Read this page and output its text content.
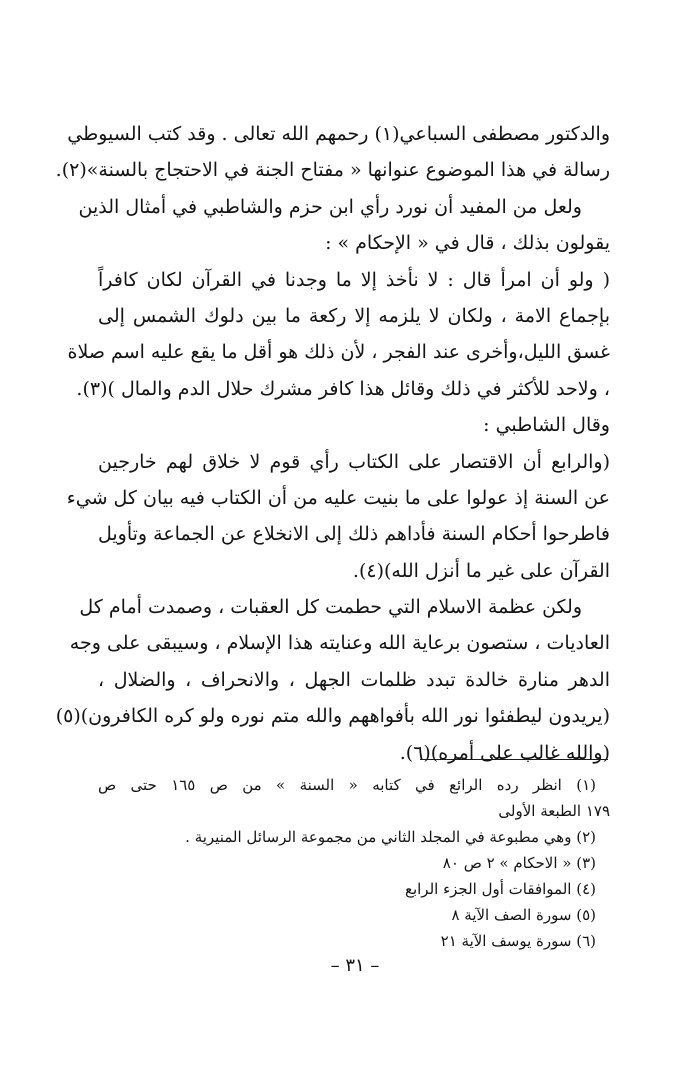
والدكتور مصطفى السباعي(١) رحمهم الله تعالى . وقد كتب السيوطي
رسالة في هذا الموضوع عنوانها « مفتاح الجنة في الاحتجاج بالسنة»(٢).
ولعل من المفيد أن نورد رأي ابن حزم والشاطبي في أمثال الذين
يقولون بذلك ، قال في « الإحكام » :
( ولو أن امرأ قال : لا نأخذ إلا ما وجدنا في القرآن لكان كافراً
بإجماع الامة ، ولكان لا يلزمه إلا ركعة ما بين دلوك الشمس إلى
غسق الليل،وأخرى عند الفجر ، لأن ذلك هو أقل ما يقع عليه اسم صلاة
، ولاحد للأكثر في ذلك وقائل هذا كافر مشرك حلال الدم والمال )(٣).
وقال الشاطبي :
(والرابع أن الاقتصار على الكتاب رأي قوم لا خلاق لهم خارجين
عن السنة إذ عولوا على ما بنيت عليه من أن الكتاب فيه بيان كل شيء
فاطرحوا أحكام السنة فأداهم ذلك إلى الانخلاع عن الجماعة وتأويل
القرآن على غير ما أنزل الله)(٤).
ولكن عظمة الاسلام التي حطمت كل العقبات ، وصمدت أمام كل
العاديات ، ستصون برعاية الله وعنايته هذا الإسلام ، وسيبقى على وجه
الدهر منارة خالدة تبدد ظلمات الجهل ، والانحراف ، والضلال ،
(يريدون ليطفئوا نور الله بأفواههم والله متم نوره ولو كره الكافرون)(٥)
(والله غالب على أمره)(٦).
(١) انظر رده الرائع في كتابه « السنة » من ص ١٦٥ حتى ص
١٧٩ الطبعة الأولى
(٢) وهي مطبوعة في المجلد الثاني من مجموعة الرسائل المنيرية .
(٣) « الاحكام » ٢ ص ٨٠
(٤) الموافقات أول الجزء الرابع
(٥) سورة الصف الآية ٨
(٦) سورة يوسف الآية ٢١
– ٣١ –
